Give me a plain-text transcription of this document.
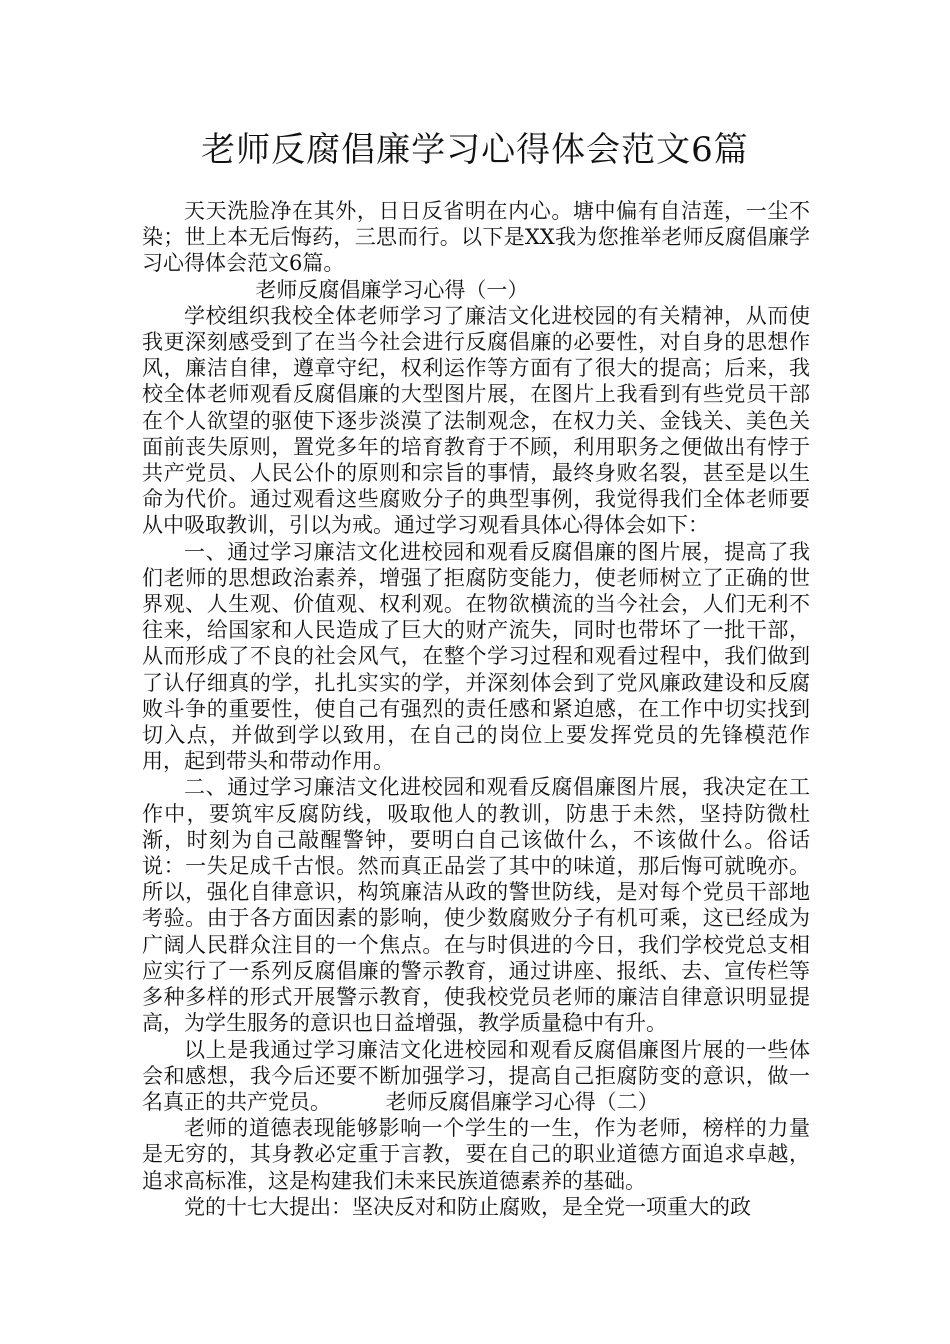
老师反腐倡廉学习心得体会范文6篇

天天洗脸净在其外，日日反省明在内心。塘中偏有自洁莲，一尘不染；世上本无后悔药，三思而行。以下是XX我为您推举老师反腐倡廉学习心得体会范文6篇。

老师反腐倡廉学习心得（一）

学校组织我校全体老师学习了廉洁文化进校园的有关精神，从而使我更深刻感受到了在当今社会进行反腐倡廉的必要性，对自身的思想作风，廉洁自律，遵章守纪，权利运作等方面有了很大的提高；后来，我校全体老师观看反腐倡廉的大型图片展，在图片上我看到有些党员干部在个人欲望的驱使下逐步淡漠了法制观念，在权力关、金钱关、美色关面前丧失原则，置党多年的培育教育于不顾，利用职务之便做出有悖于共产党员、人民公仆的原则和宗旨的事情，最终身败名裂，甚至是以生命为代价。通过观看这些腐败分子的典型事例，我觉得我们全体老师要从中吸取教训，引以为戒。通过学习观看具体心得体会如下：

一、通过学习廉洁文化进校园和观看反腐倡廉的图片展，提高了我们老师的思想政治素养，增强了拒腐防变能力，使老师树立了正确的世界观、人生观、价值观、权利观。在物欲横流的当今社会，人们无利不往来，给国家和人民造成了巨大的财产流失，同时也带坏了一批干部，从而形成了不良的社会风气，在整个学习过程和观看过程中，我们做到了认仔细真的学，扎扎实实的学，并深刻体会到了党风廉政建设和反腐败斗争的重要性，使自己有强烈的责任感和紧迫感，在工作中切实找到切入点，并做到学以致用，在自己的岗位上要发挥党员的先锋模范作用，起到带头和带动作用。

二、通过学习廉洁文化进校园和观看反腐倡廉图片展，我决定在工作中，要筑牢反腐防线，吸取他人的教训，防患于未然，坚持防微杜渐，时刻为自己敲醒警钟，要明白自己该做什么，不该做什么。俗话说：一失足成千古恨。然而真正品尝了其中的味道，那后悔可就晚亦。所以，强化自律意识，构筑廉洁从政的警世防线，是对每个党员干部地考验。由于各方面因素的影响，使少数腐败分子有机可乘，这已经成为广阔人民群众注目的一个焦点。在与时俱进的今日，我们学校党总支相应实行了一系列反腐倡廉的警示教育，通过讲座、报纸、去、宣传栏等多种多样的形式开展警示教育，使我校党员老师的廉洁自律意识明显提高，为学生服务的意识也日益增强，教学质量稳中有升。

以上是我通过学习廉洁文化进校园和观看反腐倡廉图片展的一些体会和感想，我今后还要不断加强学习，提高自己拒腐防变的意识，做一名真正的共产党员。	老师反腐倡廉学习心得（二）

老师的道德表现能够影响一个学生的一生，作为老师，榜样的力量是无穷的，其身教必定重于言教，要在自己的职业道德方面追求卓越，追求高标准，这是构建我们未来民族道德素养的基础。

党的十七大提出：坚决反对和防止腐败，是全党一项重大的政
